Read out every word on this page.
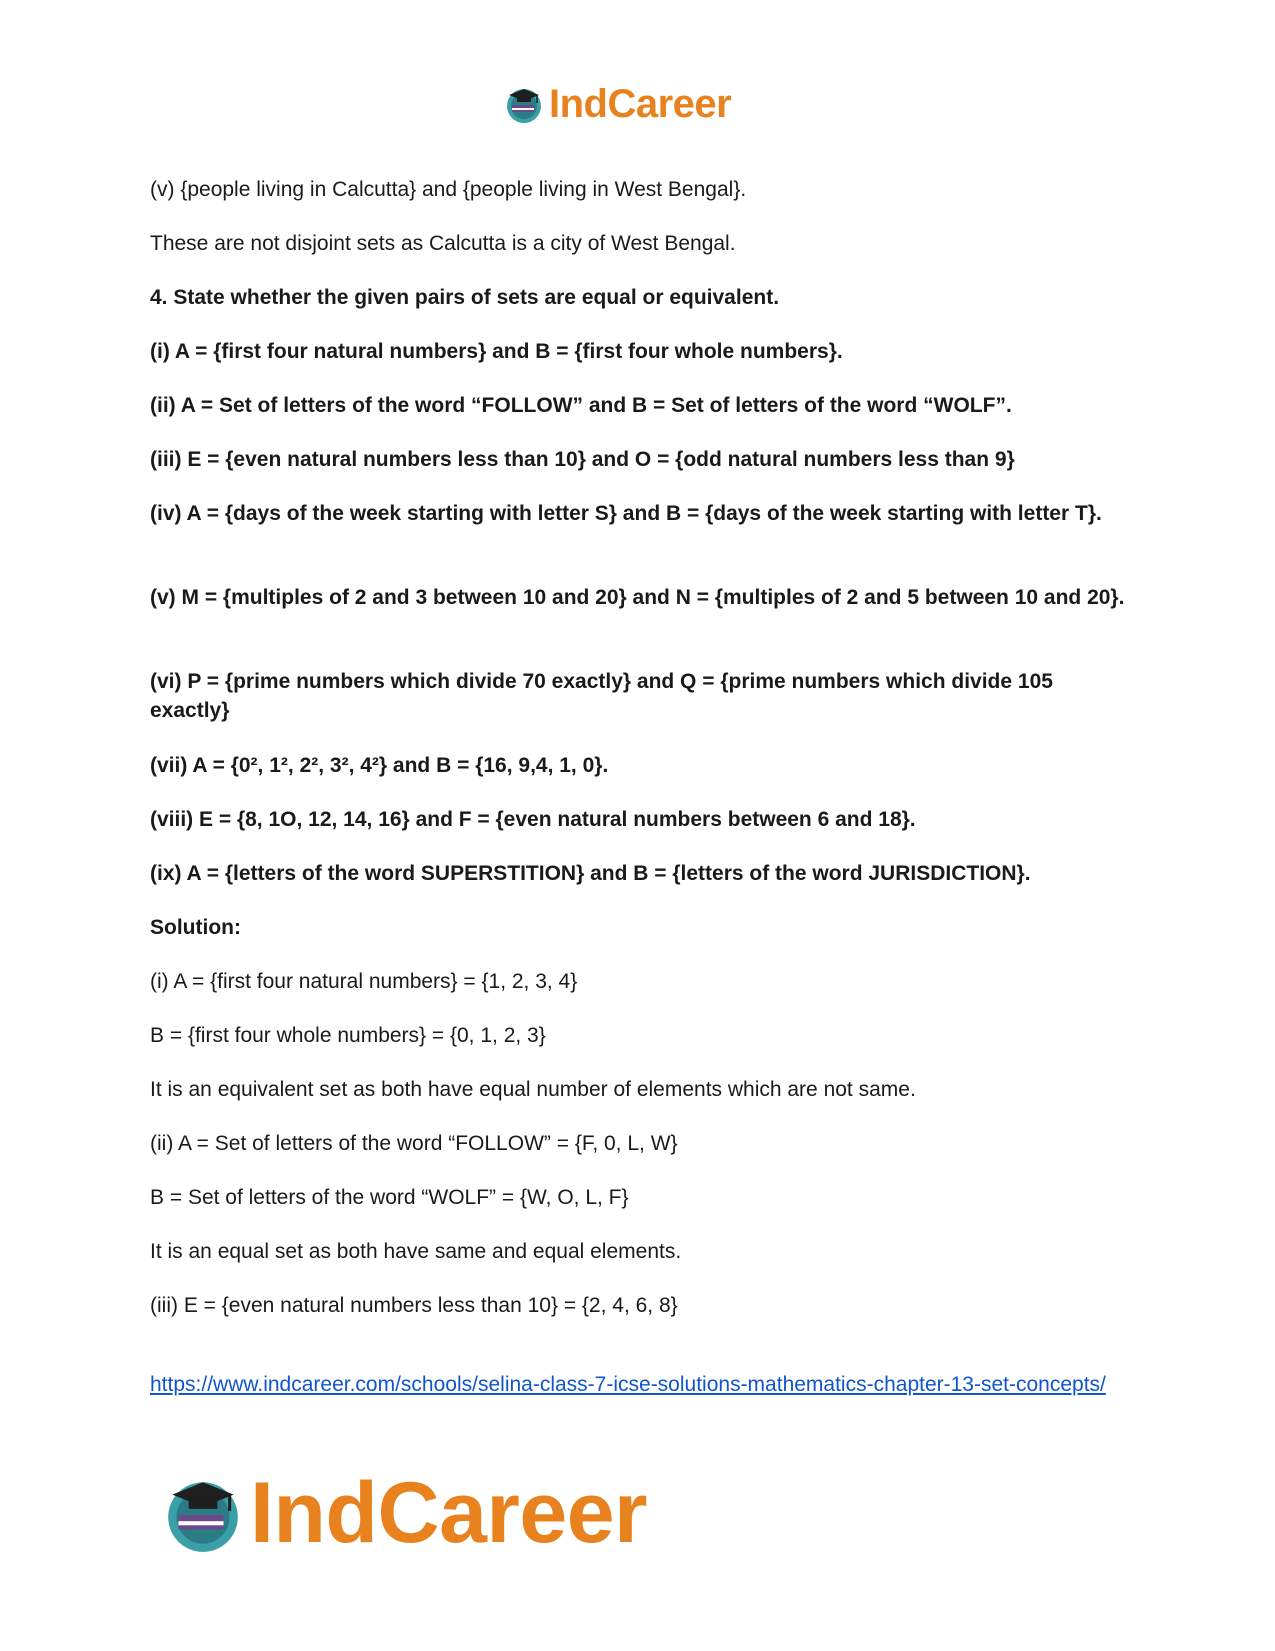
IndCareer
(v) {people living in Calcutta} and {people living in West Bengal}.
These are not disjoint sets as Calcutta is a city of West Bengal.
4. State whether the given pairs of sets are equal or equivalent.
(i) A = {first four natural numbers} and B = {first four whole numbers}.
(ii) A = Set of letters of the word “FOLLOW” and B = Set of letters of the word “WOLF”.
(iii) E = {even natural numbers less than 10} and O = {odd natural numbers less than 9}
(iv) A = {days of the week starting with letter S} and B = {days of the week starting with letter T}.
(v) M = {multiples of 2 and 3 between 10 and 20} and N = {multiples of 2 and 5 between 10 and 20}.
(vi) P = {prime numbers which divide 70 exactly} and Q = {prime numbers which divide 105 exactly}
(vii) A = {0², 1², 2², 3², 4²} and B = {16, 9,4, 1, 0}.
(viii) E = {8, 1O, 12, 14, 16} and F = {even natural numbers between 6 and 18}.
(ix) A = {letters of the word SUPERSTITION} and B = {letters of the word JURISDICTION}.
Solution:
(i) A = {first four natural numbers} = {1, 2, 3, 4}
B = {first four whole numbers} = {0, 1, 2, 3}
It is an equivalent set as both have equal number of elements which are not same.
(ii) A = Set of letters of the word “FOLLOW” = {F, 0, L, W}
B = Set of letters of the word “WOLF” = {W, O, L, F}
It is an equal set as both have same and equal elements.
(iii) E = {even natural numbers less than 10} = {2, 4, 6, 8}
https://www.indcareer.com/schools/selina-class-7-icse-solutions-mathematics-chapter-13-set-concepts/
IndCareer
